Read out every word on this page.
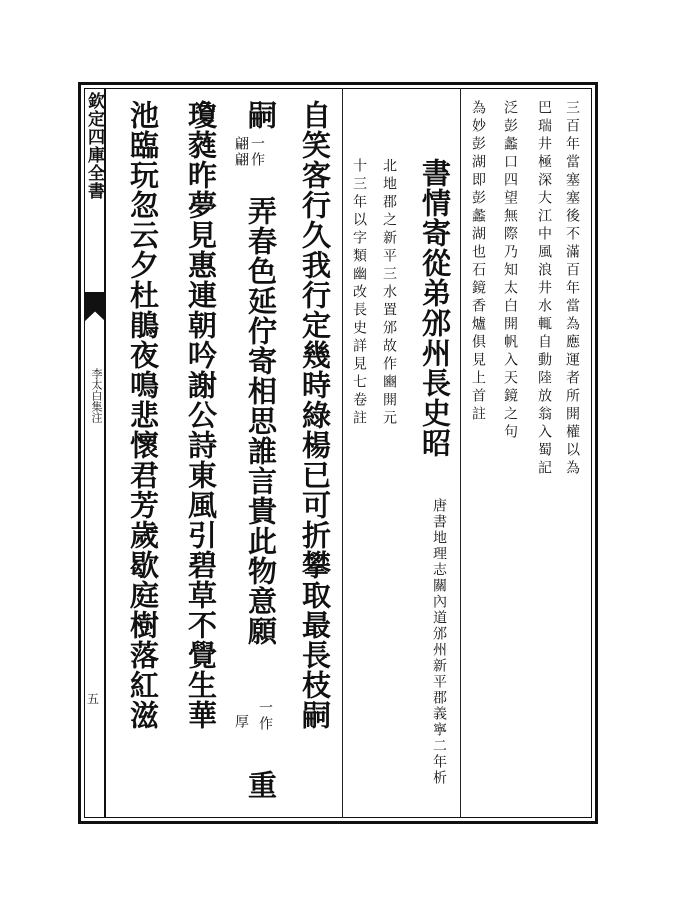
欽定四庫全書
李太白集注
五
三百年當塞塞後不滿百年當為應運者所開權以為
巴瑞井極深大江中風浪井水輒自動陸放翁入蜀記
泛彭蠡口四望無際乃知太白開帆入天鏡之句
為妙彭湖即彭蠡湖也石鏡香爐俱見上首註
書情寄從弟邠州長史昭
唐書地理志關內道邠州新平郡義寧二年析
北地郡之新平三水置邠故作豳開元
十三年以字類幽改長史詳見七卷註
自笑客行久我行定幾時綠楊已可折攀取最長枝嗣
嗣
一作
翩翩
弄春色延佇寄相思誰言貴此物意願
一作
厚
重
瓊蕤昨夢見惠連朝吟謝公詩東風引碧草不覺生華
池臨玩忽云夕杜鵑夜鳴悲懷君芳歲歇庭樹落紅滋
